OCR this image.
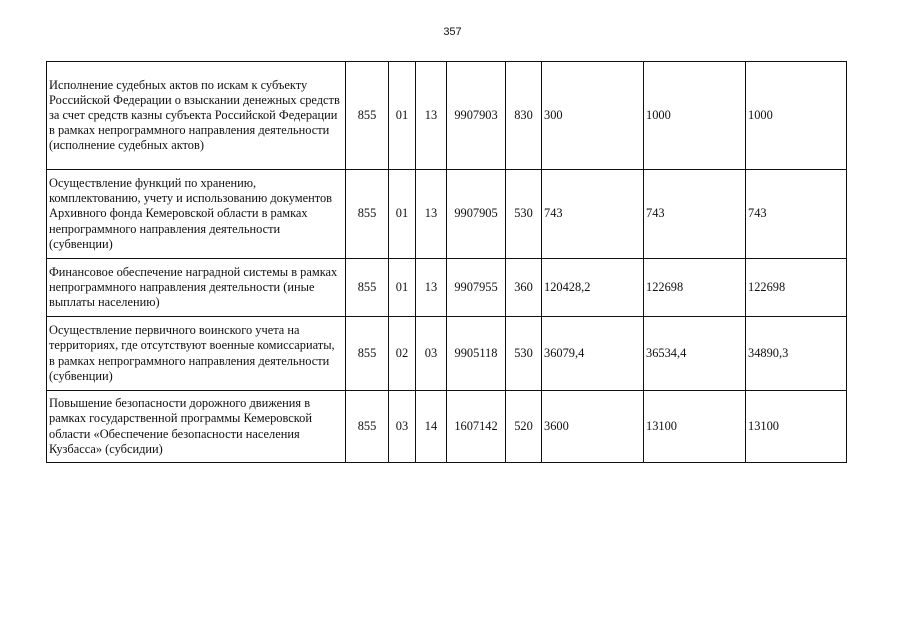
357
Исполнение судебных актов по искам к субъекту Российской Федерации о взыскании денежных средств за счет средств казны субъекта Российской Федерации в рамках непрограммного направления деятельности (исполнение судебных актов)	855	01	13	9907903	830	300	1000	1000
Осуществление функций по хранению, комплектованию, учету и использованию документов Архивного фонда Кемеровской области в рамках непрограммного направления деятельности (субвенции)	855	01	13	9907905	530	743	743	743
Финансовое обеспечение наградной системы в рамках непрограммного направления деятельности (иные выплаты населению)	855	01	13	9907955	360	120428,2	122698	122698
Осуществление первичного воинского учета на территориях, где отсутствуют военные комиссариаты, в рамках непрограммного направления деятельности (субвенции)	855	02	03	9905118	530	36079,4	36534,4	34890,3
Повышение безопасности дорожного движения в рамках государственной программы Кемеровской области «Обеспечение безопасности населения Кузбасса» (субсидии)	855	03	14	1607142	520	3600	13100	13100
